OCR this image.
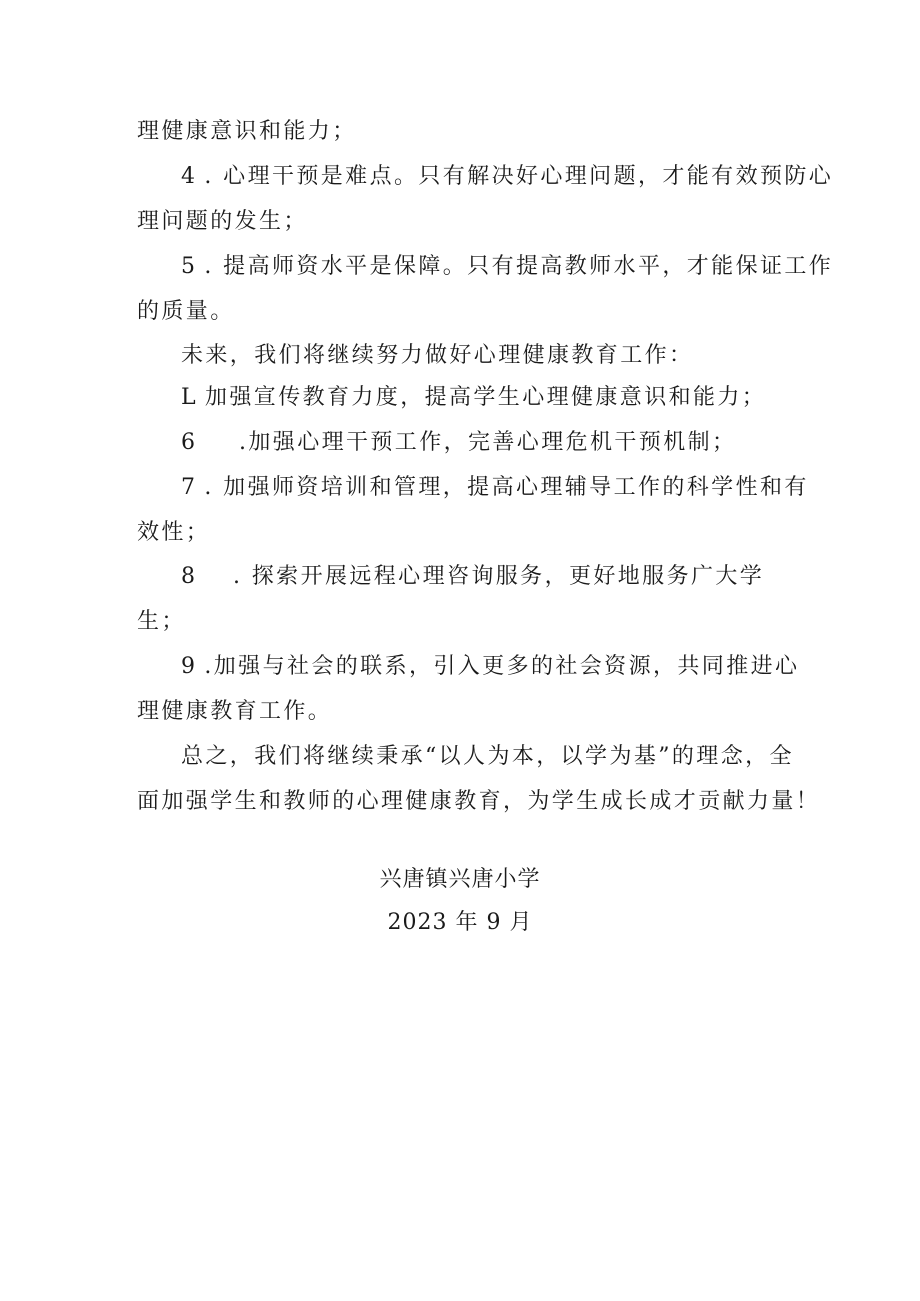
理健康意识和能力；
4 . 心理干预是难点。只有解决好心理问题，才能有效预防心
理问题的发生；
5 . 提高师资水平是保障。只有提高教师水平，才能保证工作
的质量。
未来，我们将继续努力做好心理健康教育工作：
L 加强宣传教育力度，提高学生心理健康意识和能力；
6 .加强心理干预工作，完善心理危机干预机制；
7 . 加强师资培训和管理，提高心理辅导工作的科学性和有
效性；
8 . 探索开展远程心理咨询服务，更好地服务广大学
生；
9 .加强与社会的联系，引入更多的社会资源，共同推进心
理健康教育工作。
总之，我们将继续秉承“以人为本，以学为基”的理念，全
面加强学生和教师的心理健康教育，为学生成长成才贡献力量！
兴唐镇兴唐小学
2023 年 9 月
